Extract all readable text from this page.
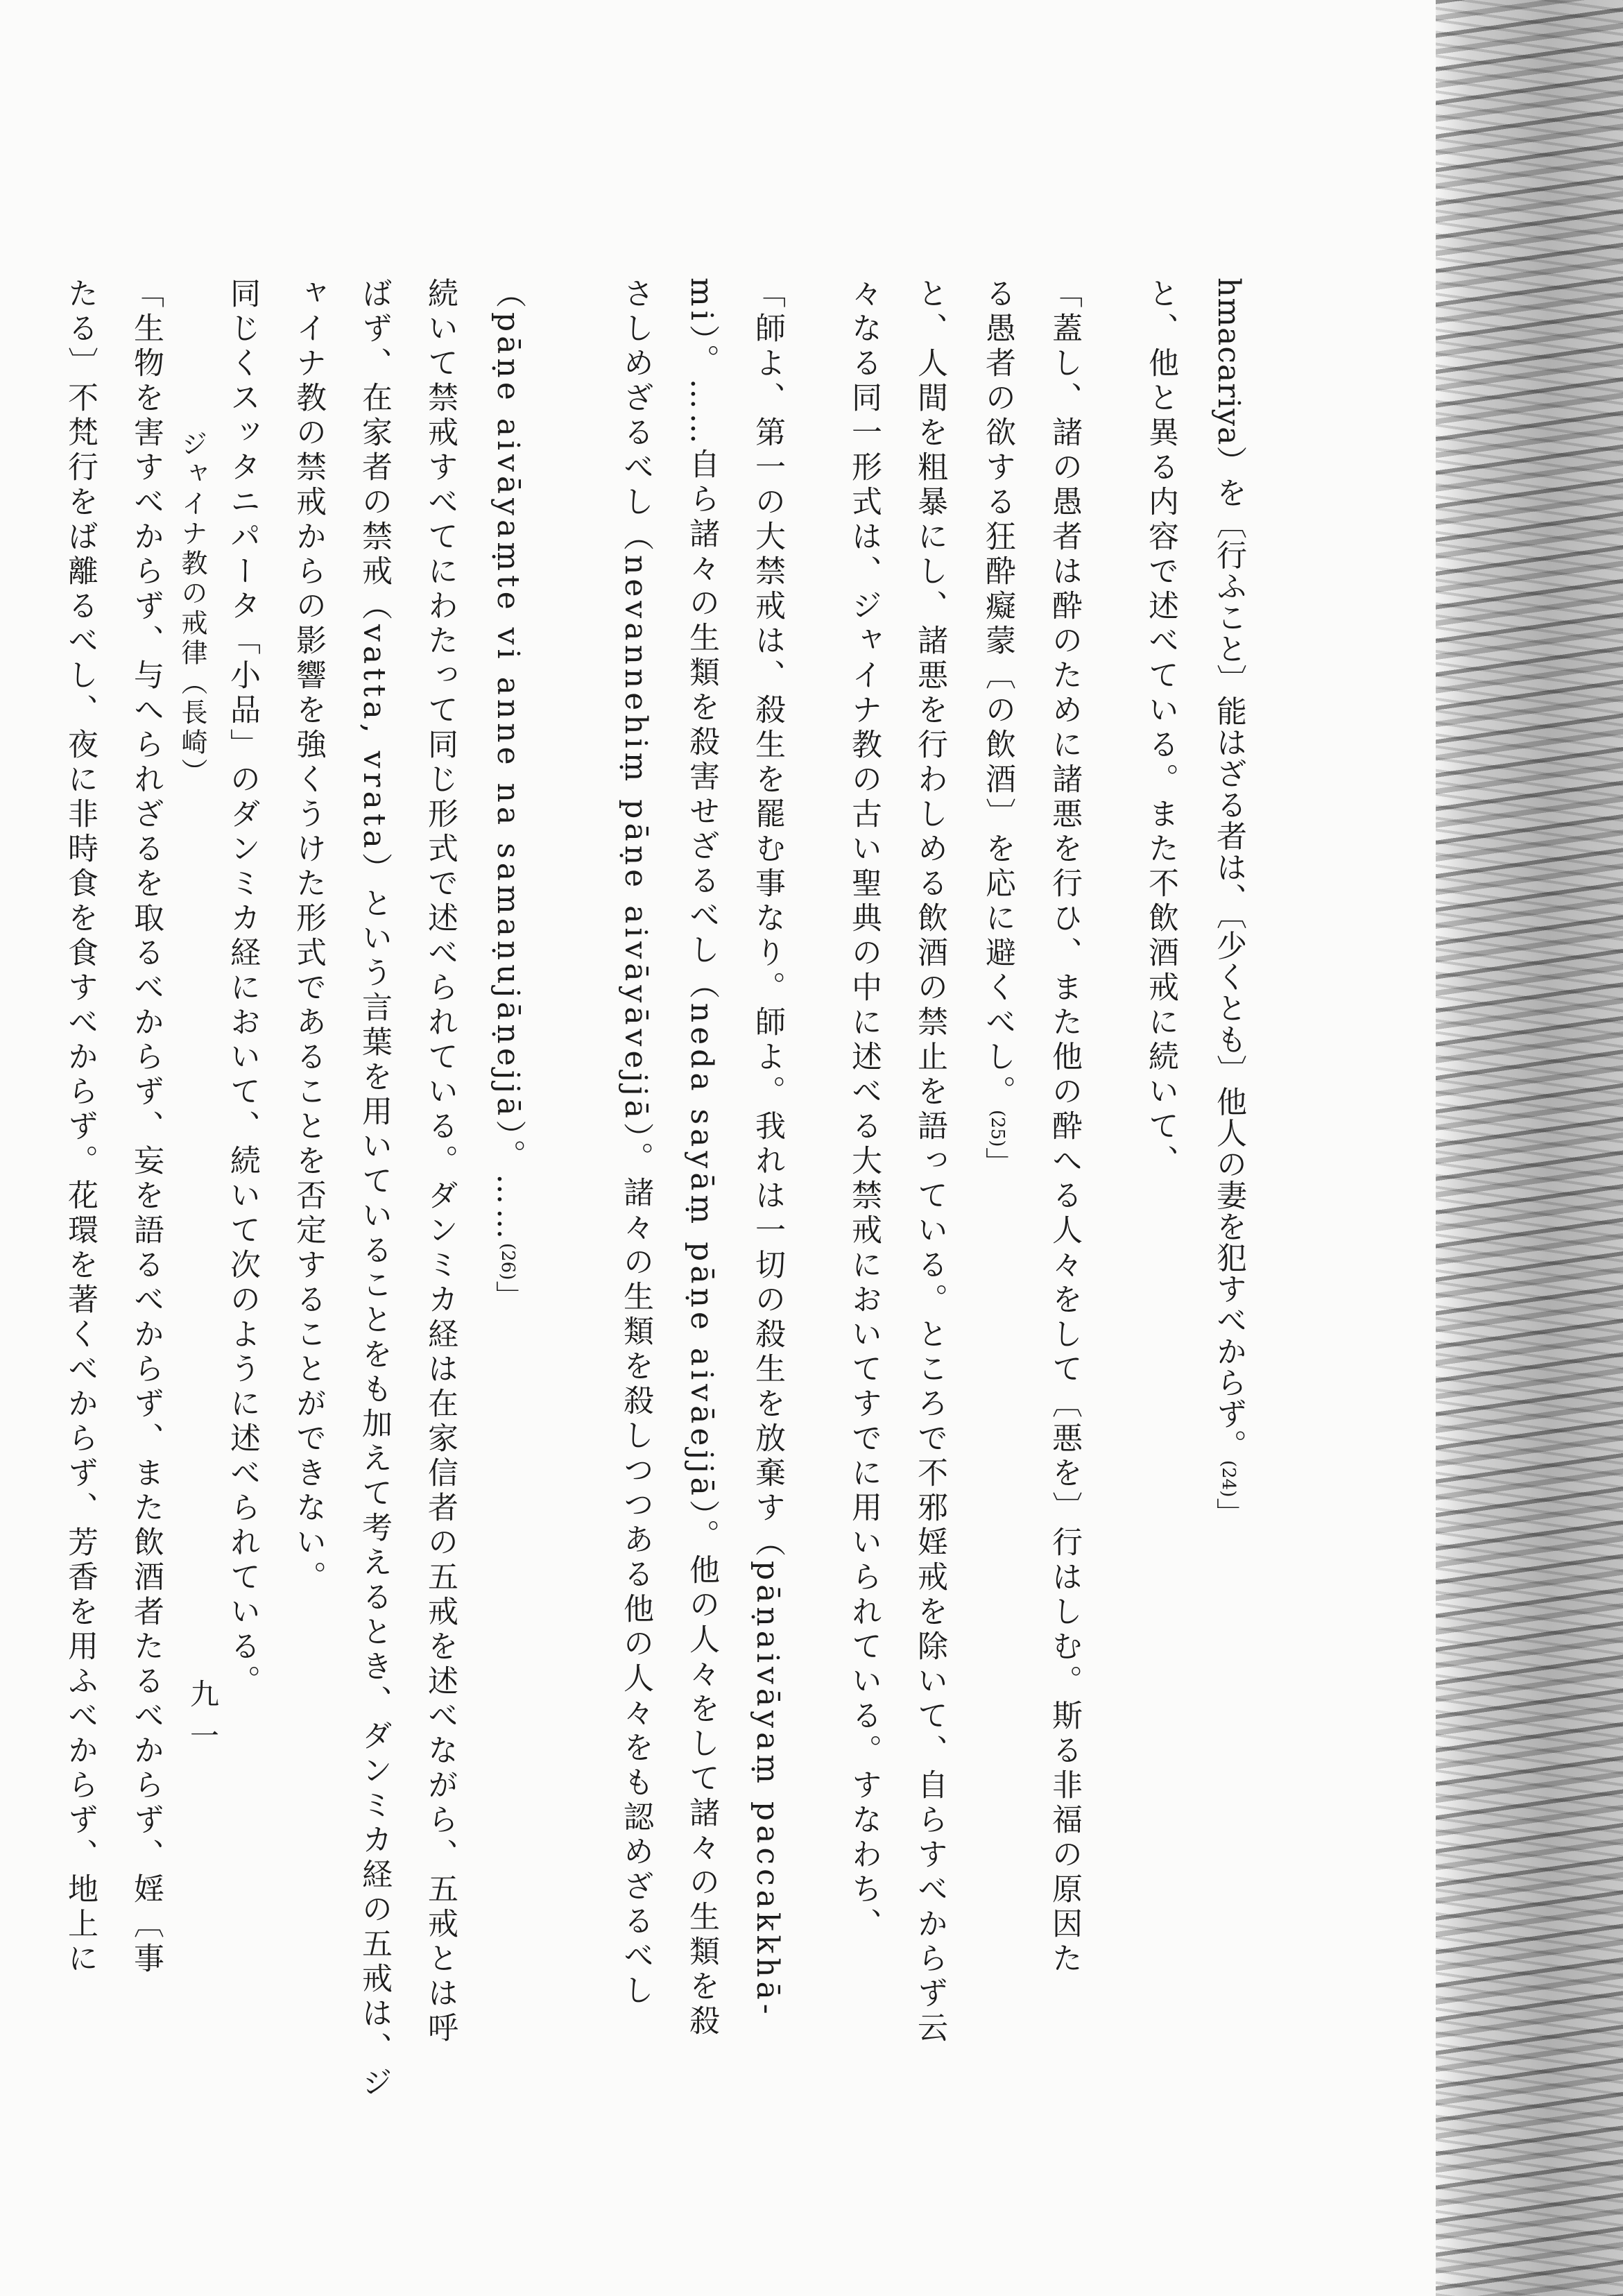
hmacariya）を〔行ふこと〕能はざる者は、〔少くとも〕他人の妻を犯すべからず。(24)」
と、他と異る内容で述べている。また不飲酒戒に続いて、
「蓋し、諸の愚者は酔のために諸悪を行ひ、また他の酔へる人々をして〔悪を〕行はしむ。斯る非福の原因た
る愚者の欲する狂酔癡蒙〔の飲酒〕を応に避くべし。(25)」
と、人間を粗暴にし、諸悪を行わしめる飲酒の禁止を語っている。ところで不邪婬戒を除いて、自らすべからず云
々なる同一形式は、ジャイナ教の古い聖典の中に述べる大禁戒においてすでに用いられている。すなわち、
「師よ、第一の大禁戒は、殺生を罷む事なり。師よ。我れは一切の殺生を放棄す（pāṇaivāyaṃ paccakkhā-
mi）。……自ら諸々の生類を殺害せざるべし（neda sayāṃ pāṇe aivāejjā）。他の人々をして諸々の生類を殺
さしめざるべし（nevannehiṃ pāṇe aivāyāvejjā）。諸々の生類を殺しつつある他の人々をも認めざるべし
（pāṇe aivāyaṃte vi anne na samaṇujāṇejjā）。……(26)」
続いて禁戒すべてにわたって同じ形式で述べられている。ダンミカ経は在家信者の五戒を述べながら、五戒とは呼
ばず、在家者の禁戒（vatta, vrata）という言葉を用いていることをも加えて考えるとき、ダンミカ経の五戒は、ジ
ャイナ教の禁戒からの影響を強くうけた形式であることを否定することができない。
同じくスッタニパータ「小品」のダンミカ経において、続いて次のように述べられている。
「生物を害すべからず、与へられざるを取るべからず、妄を語るべからず、また飲酒者たるべからず、婬〔事
たる〕不梵行をば離るべし、夜に非時食を食すべからず。花環を著くべからず、芳香を用ふべからず、地上に	ジャイナ教の戒律（長崎）
九一
